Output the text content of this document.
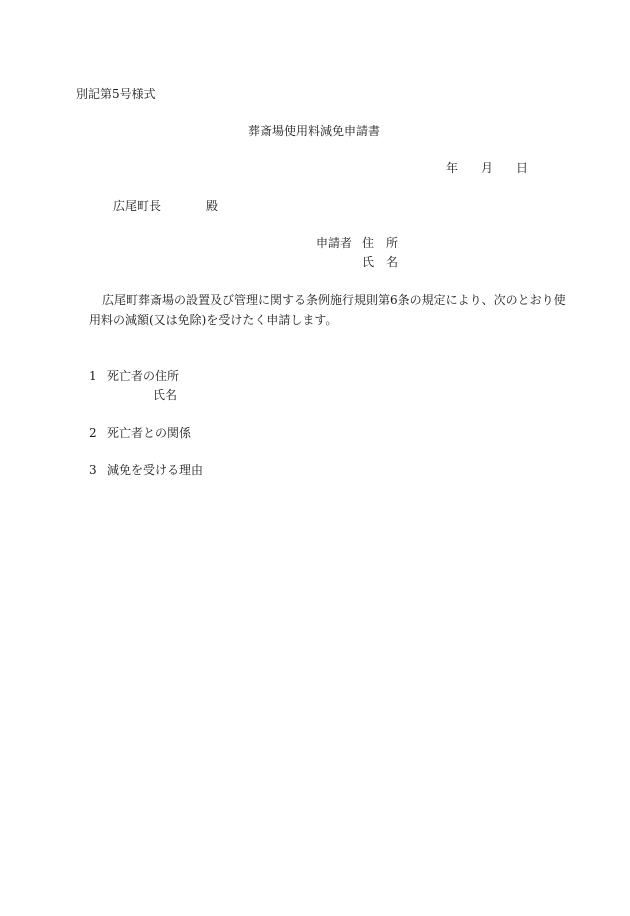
別記第5号様式
葬斎場使用料減免申請書
年 月 日
広尾町長	殿
申請者 住　所
氏　名
広尾町葬斎場の設置及び管理に関する条例施行規則第6条の規定により、次のとおり使
用料の減額(又は免除)を受けたく申請します。
1 死亡者の住所
氏名
2 死亡者との関係
3 減免を受ける理由
